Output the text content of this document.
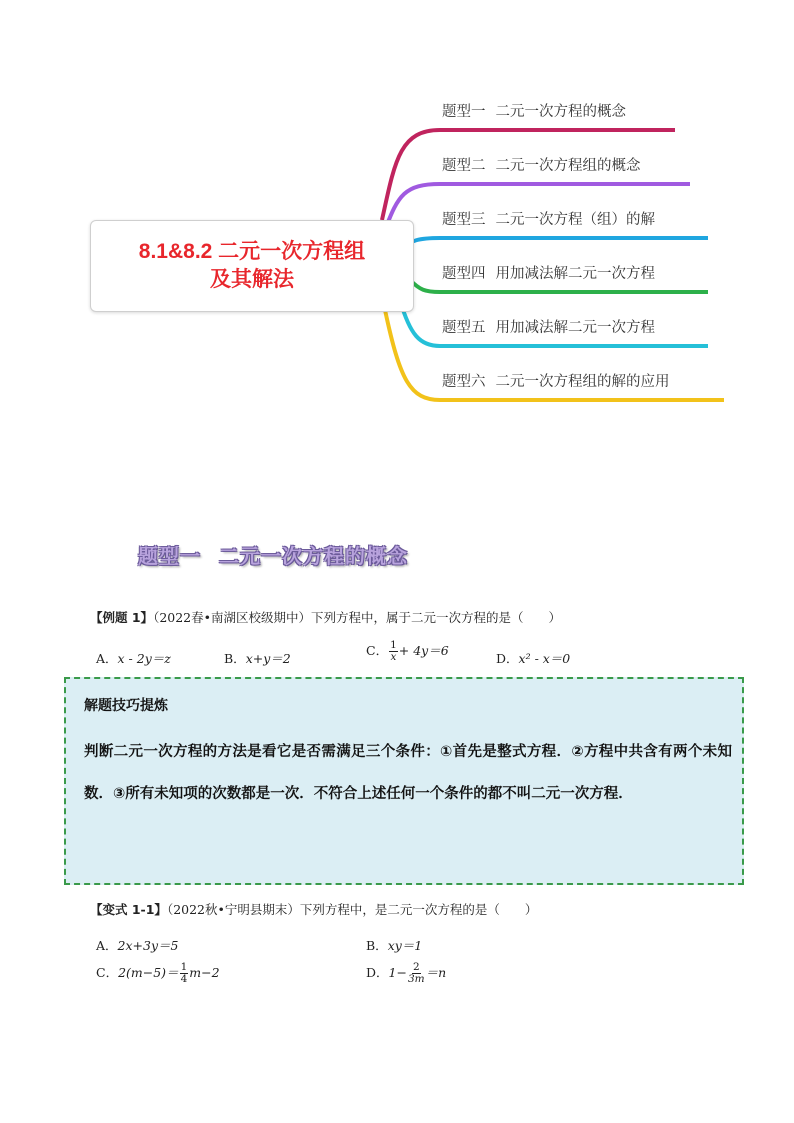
8.1&8.2 二元一次方程组
及其解法
题型一 二元一次方程的概念
题型二 二元一次方程组的概念
题型三 二元一次方程（组）的解
题型四 用加减法解二元一次方程
题型五 用加减法解二元一次方程
题型六 二元一次方程组的解的应用
题型一 二元一次方程的概念
【例题 1】（2022春•南湖区校级期中）下列方程中，属于二元一次方程的是（　　）
A．x - 2y＝z	B．x+y＝2
C． $\frac{1}{x} + 4y=6$
D．x² - x＝0
解题技巧提炼
判断二元一次方程的方法是看它是否需满足三个条件：①首先是整式方程．②方程中共含有两个未知数．③所有未知项的次数都是一次．不符合上述任何一个条件的都不叫二元一次方程．
【变式 1-1】（2022秋•宁明县期末）下列方程中，是二元一次方程的是（　　）
A．2x+3y＝5	B．xy＝1
C．$2(m-5)= \frac{1}{4} m-2$	D．$1- \frac{2}{3m} =n$
